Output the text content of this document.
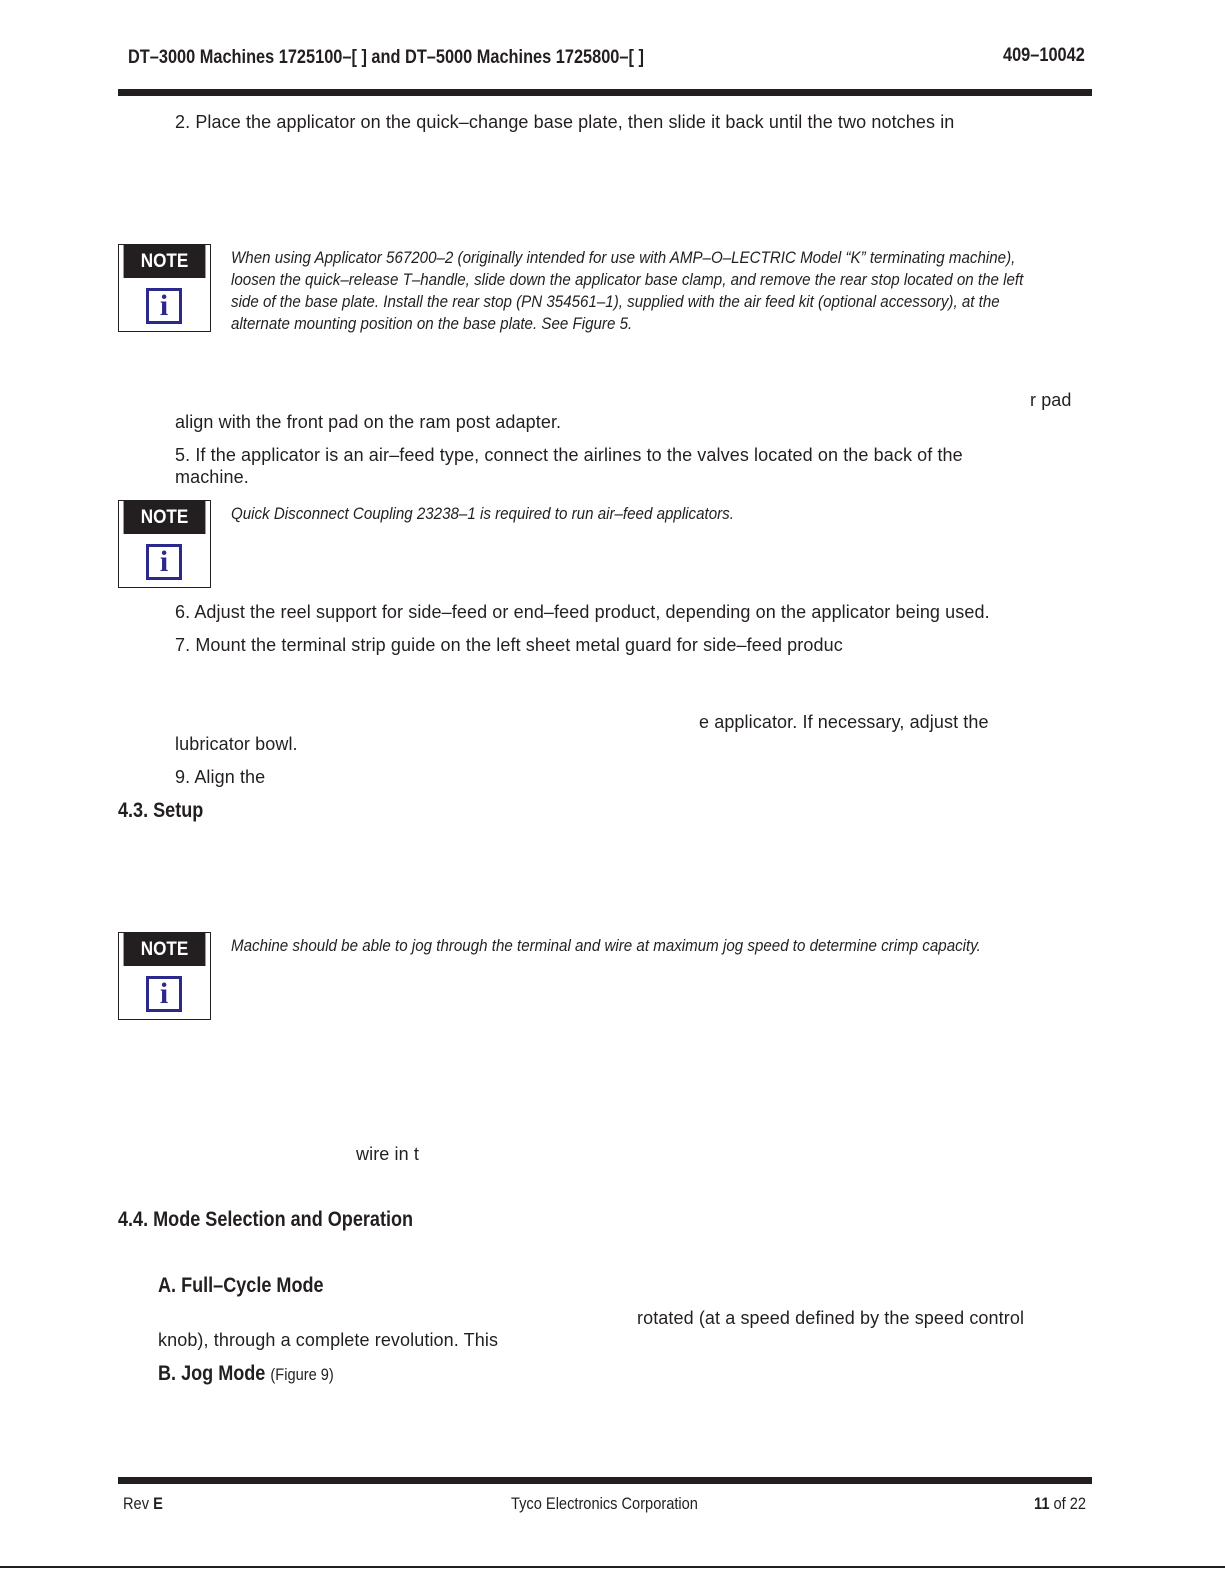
DT–3000 Machines 1725100–[ ] and DT–5000 Machines 1725800–[ ]	409–10042
2. Place the applicator on the quick–change base plate, then slide it back until the two notches in
NOTE
i
When using Applicator 567200–2 (originally intended for use with AMP–O–LECTRIC Model “K” terminating machine), loosen the quick–release T–handle, slide down the applicator base clamp, and remove the rear stop located on the left side of the base plate. Install the rear stop (PN 354561–1), supplied with the air feed kit (optional accessory), at the alternate mounting position on the base plate. See Figure 5.
r pad
align with the front pad on the ram post adapter.
5. If the applicator is an air–feed type, connect the airlines to the valves located on the back of the
machine.
NOTE
i
Quick Disconnect Coupling 23238–1 is required to run air–feed applicators.
6. Adjust the reel support for side–feed or end–feed product, depending on the applicator being used.
7. Mount the terminal strip guide on the left sheet metal guard for side–feed produc
e applicator. If necessary, adjust the
lubricator bowl.
9. Align the
4.3. Setup
NOTE
i
Machine should be able to jog through the terminal and wire at maximum jog speed to determine crimp capacity.
wire in t
4.4. Mode Selection and Operation
A. Full–Cycle Mode
rotated (at a speed defined by the speed control
knob), through a complete revolution. This
B. Jog Mode (Figure 9)
Rev E	Tyco Electronics Corporation	11 of 22
